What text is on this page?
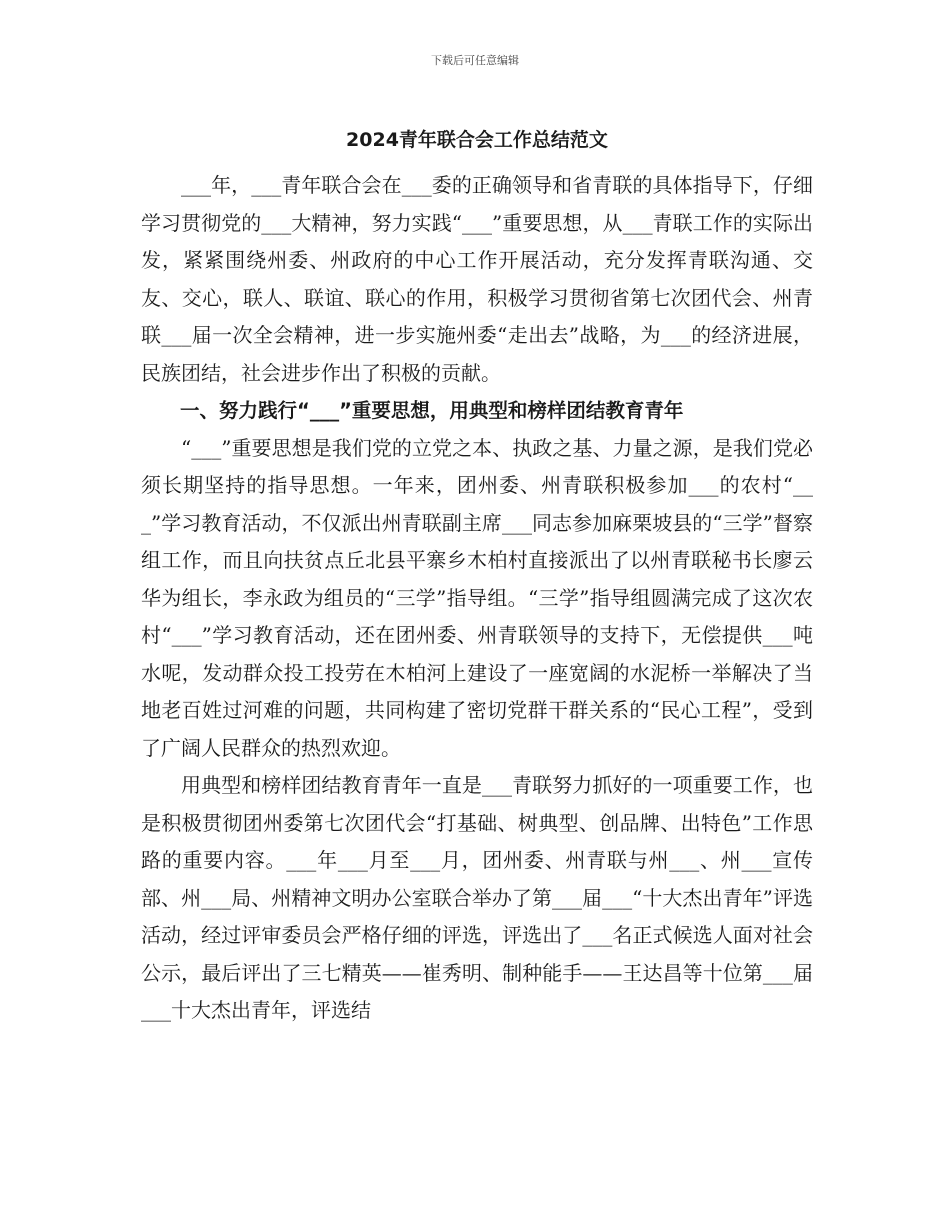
下载后可任意编辑
2024青年联合会工作总结范文

___年，___青年联合会在___委的正确领导和省青联的具体指导下，仔细学习贯彻党的___大精神，努力实践“___”重要思想，从___青联工作的实际出发，紧紧围绕州委、州政府的中心工作开展活动，充分发挥青联沟通、交友、交心，联人、联谊、联心的作用，积极学习贯彻省第七次团代会、州青联___届一次全会精神，进一步实施州委“走出去”战略，为___的经济进展，民族团结，社会进步作出了积极的贡献。

一、努力践行“___”重要思想，用典型和榜样团结教育青年

“___”重要思想是我们党的立党之本、执政之基、力量之源，是我们党必须长期坚持的指导思想。一年来，团州委、州青联积极参加___的农村“___”学习教育活动，不仅派出州青联副主席___同志参加麻栗坡县的“三学”督察组工作，而且向扶贫点丘北县平寨乡木柏村直接派出了以州青联秘书长廖云华为组长，李永政为组员的“三学”指导组。“三学”指导组圆满完成了这次农村“___”学习教育活动，还在团州委、州青联领导的支持下，无偿提供___吨水呢，发动群众投工投劳在木柏河上建设了一座宽阔的水泥桥一举解决了当地老百姓过河难的问题，共同构建了密切党群干群关系的“民心工程”，受到了广阔人民群众的热烈欢迎。

用典型和榜样团结教育青年一直是___青联努力抓好的一项重要工作，也是积极贯彻团州委第七次团代会“打基础、树典型、创品牌、出特色”工作思路的重要内容。___年___月至___月，团州委、州青联与州___、州___宣传部、州___局、州精神文明办公室联合举办了第___届___“十大杰出青年”评选活动，经过评审委员会严格仔细的评选，评选出了___名正式候选人面对社会公示，最后评出了三七精英——崔秀明、制种能手——王达昌等十位第___届___十大杰出青年，评选结
